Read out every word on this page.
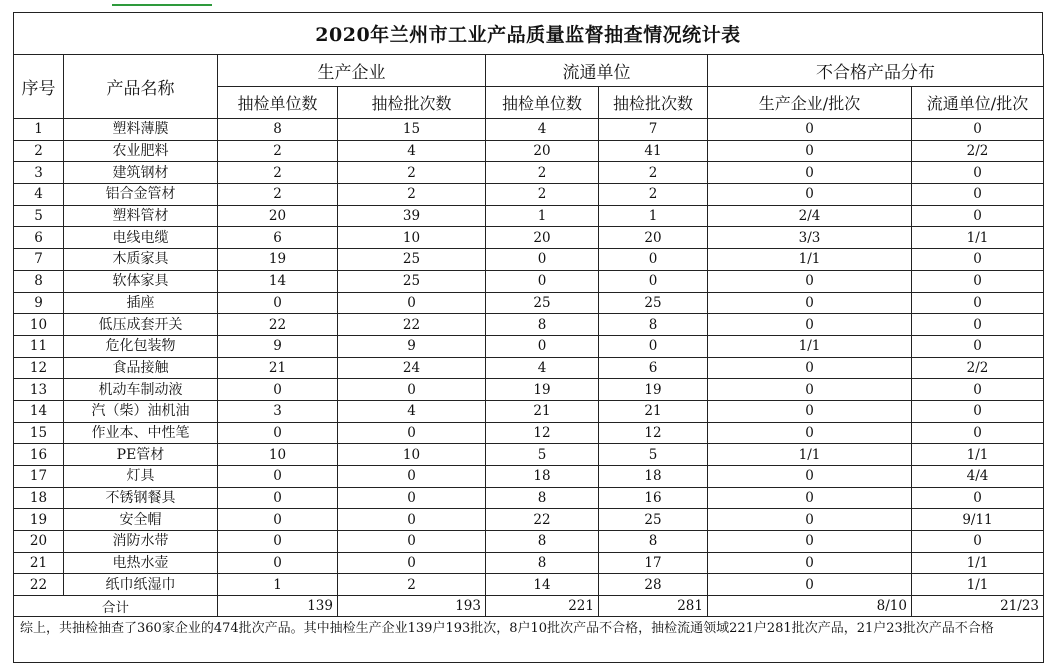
2020年兰州市工业产品质量监督抽查情况统计表
序号	产品名称	生产企业		流通单位		不合格产品分布	
		抽检单位数	抽检批次数	抽检单位数	抽检批次数	生产企业/批次	流通单位/批次
1	塑料薄膜	8	15	4	7	0	0
2	农业肥料	2	4	20	41	0	2/2
3	建筑钢材	2	2	2	2	0	0
4	铝合金管材	2	2	2	2	0	0
5	塑料管材	20	39	1	1	2/4	0
6	电线电缆	6	10	20	20	3/3	1/1
7	木质家具	19	25	0	0	1/1	0
8	软体家具	14	25	0	0	0	0
9	插座	0	0	25	25	0	0
10	低压成套开关	22	22	8	8	0	0
11	危化包装物	9	9	0	0	1/1	0
12	食品接触	21	24	4	6	0	2/2
13	机动车制动液	0	0	19	19	0	0
14	汽（柴）油机油	3	4	21	21	0	0
15	作业本、中性笔	0	0	12	12	0	0
16	PE管材	10	10	5	5	1/1	1/1
17	灯具	0	0	18	18	0	4/4
18	不锈钢餐具	0	0	8	16	0	0
19	安全帽	0	0	22	25	0	9/11
20	消防水带	0	0	8	8	0	0
21	电热水壶	0	0	8	17	0	1/1
22	纸巾纸湿巾	1	2	14	28	0	1/1
合计		139	193	221	281	8/10	21/23
综上，共抽检抽查了360家企业的474批次产品。其中抽检生产企业139户193批次，8户10批次产品不合格，抽检流通领域221户281批次产品，21户23批次产品不合格							
